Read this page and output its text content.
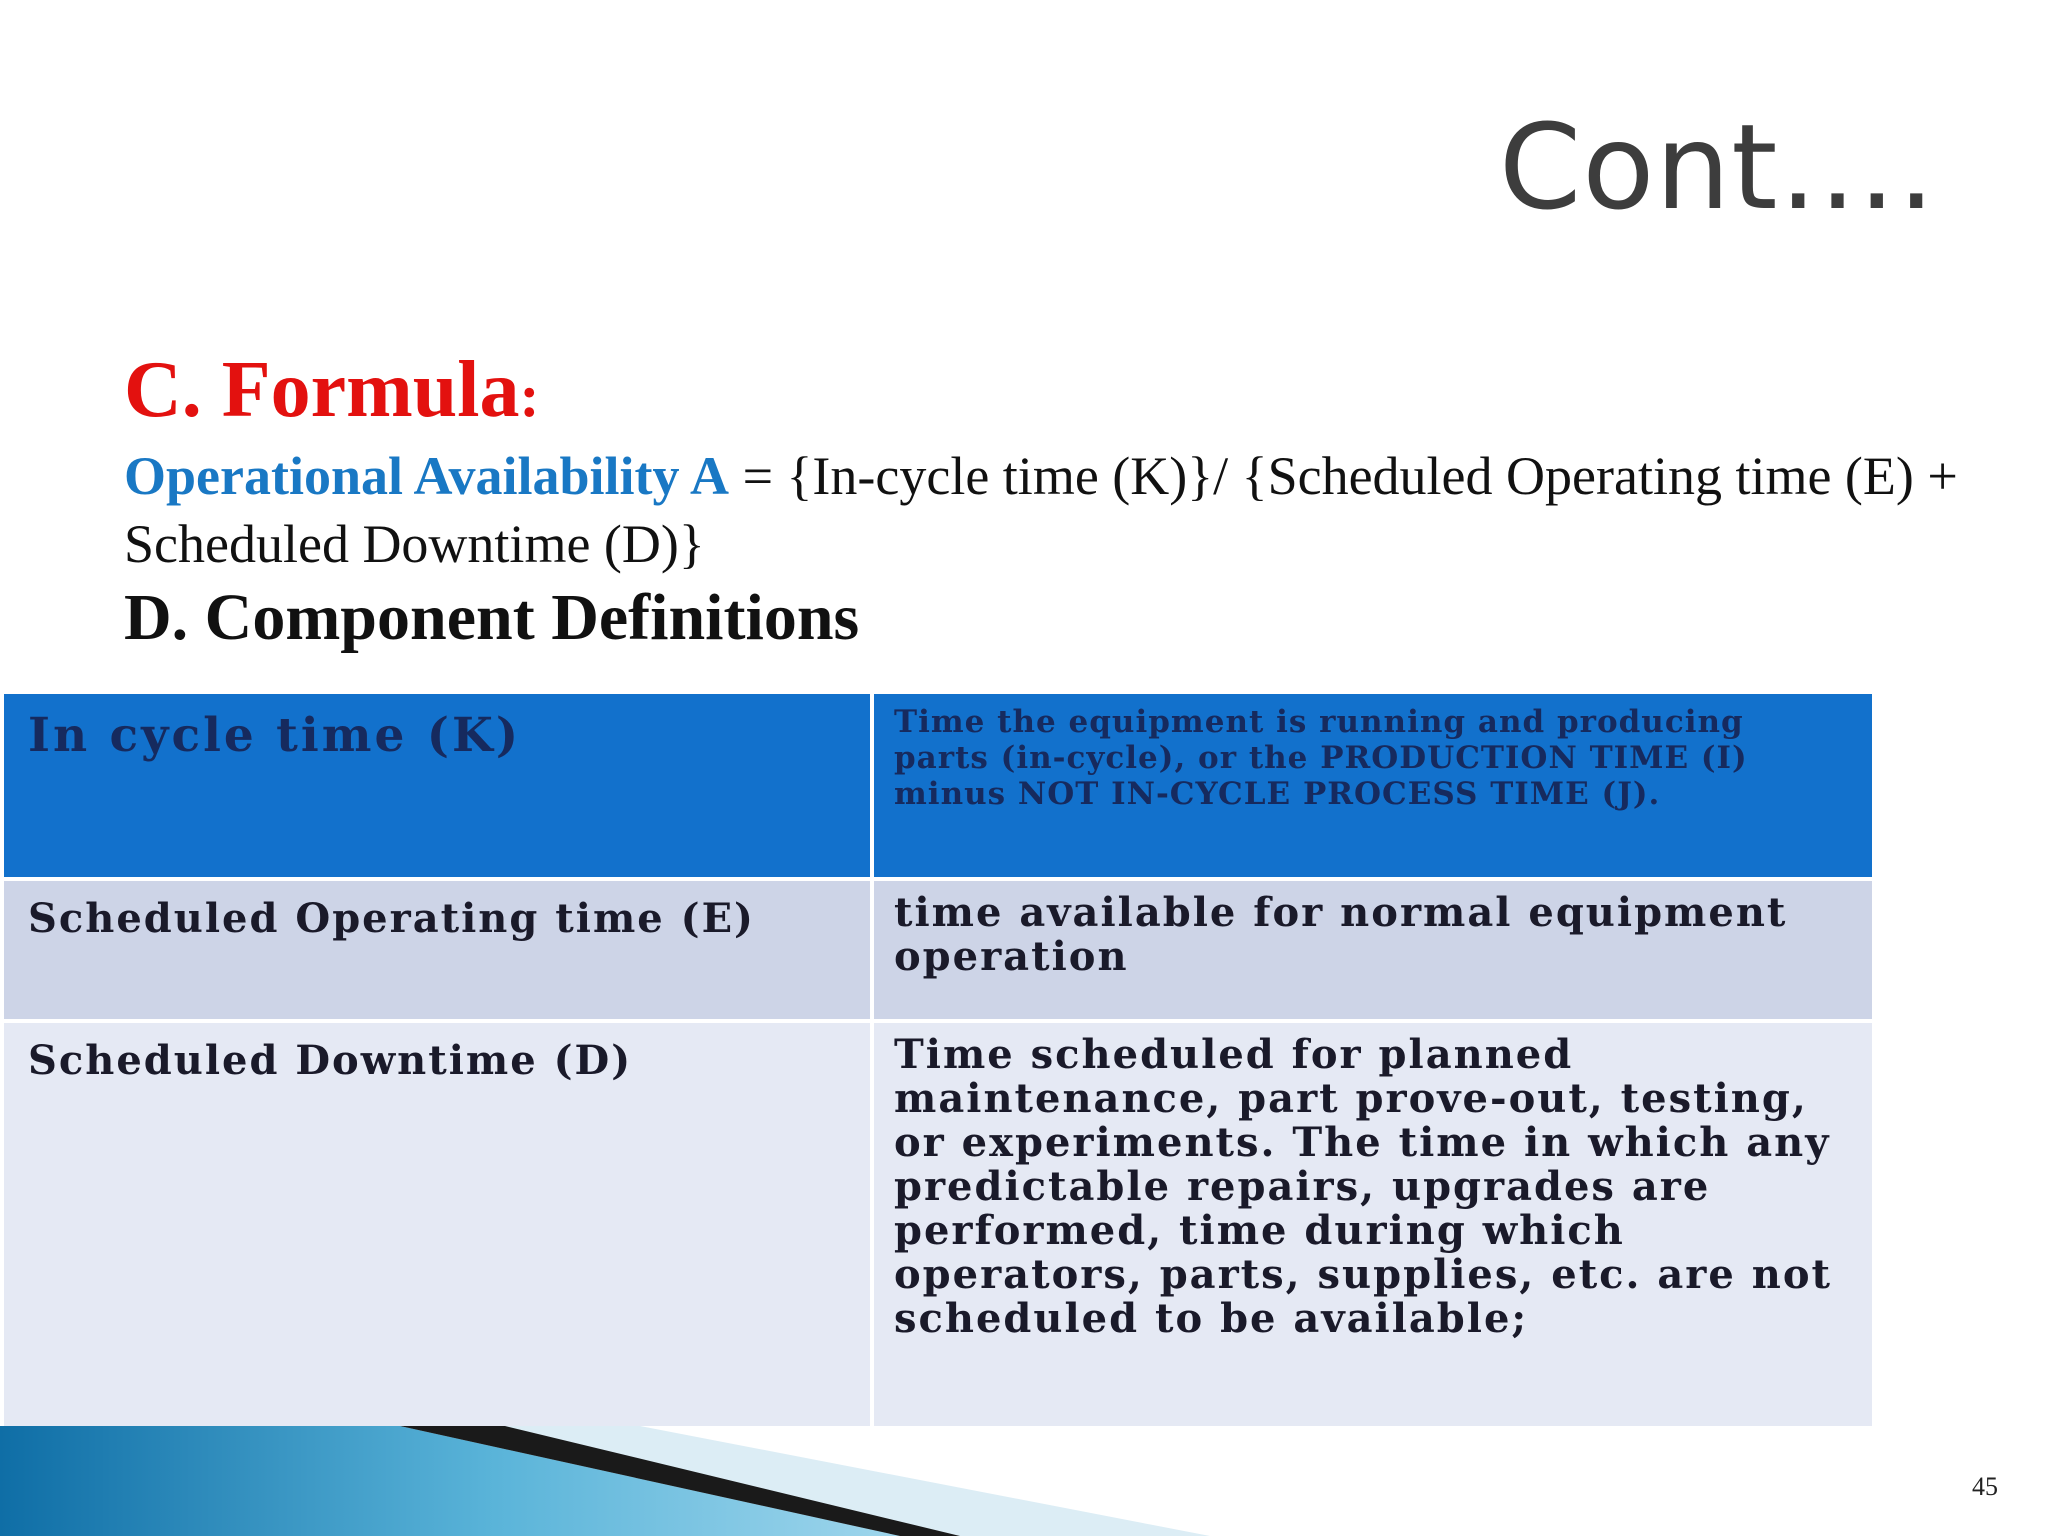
Cont….
C. Formula:
Operational Availability A = {In-cycle time (K)}/ {Scheduled Operating time (E) + Scheduled Downtime (D)}
D. Component Definitions
In cycle time (K)	Time the equipment is running and producing parts (in-cycle), or the PRODUCTION TIME (I) minus NOT IN-CYCLE PROCESS TIME (J).
Scheduled Operating time (E)	time available for normal equipment operation
Scheduled Downtime (D)	Time scheduled for planned maintenance, part prove-out, testing, or experiments. The time in which any predictable repairs, upgrades are performed, time during which operators, parts, supplies, etc. are not scheduled to be available;
45
